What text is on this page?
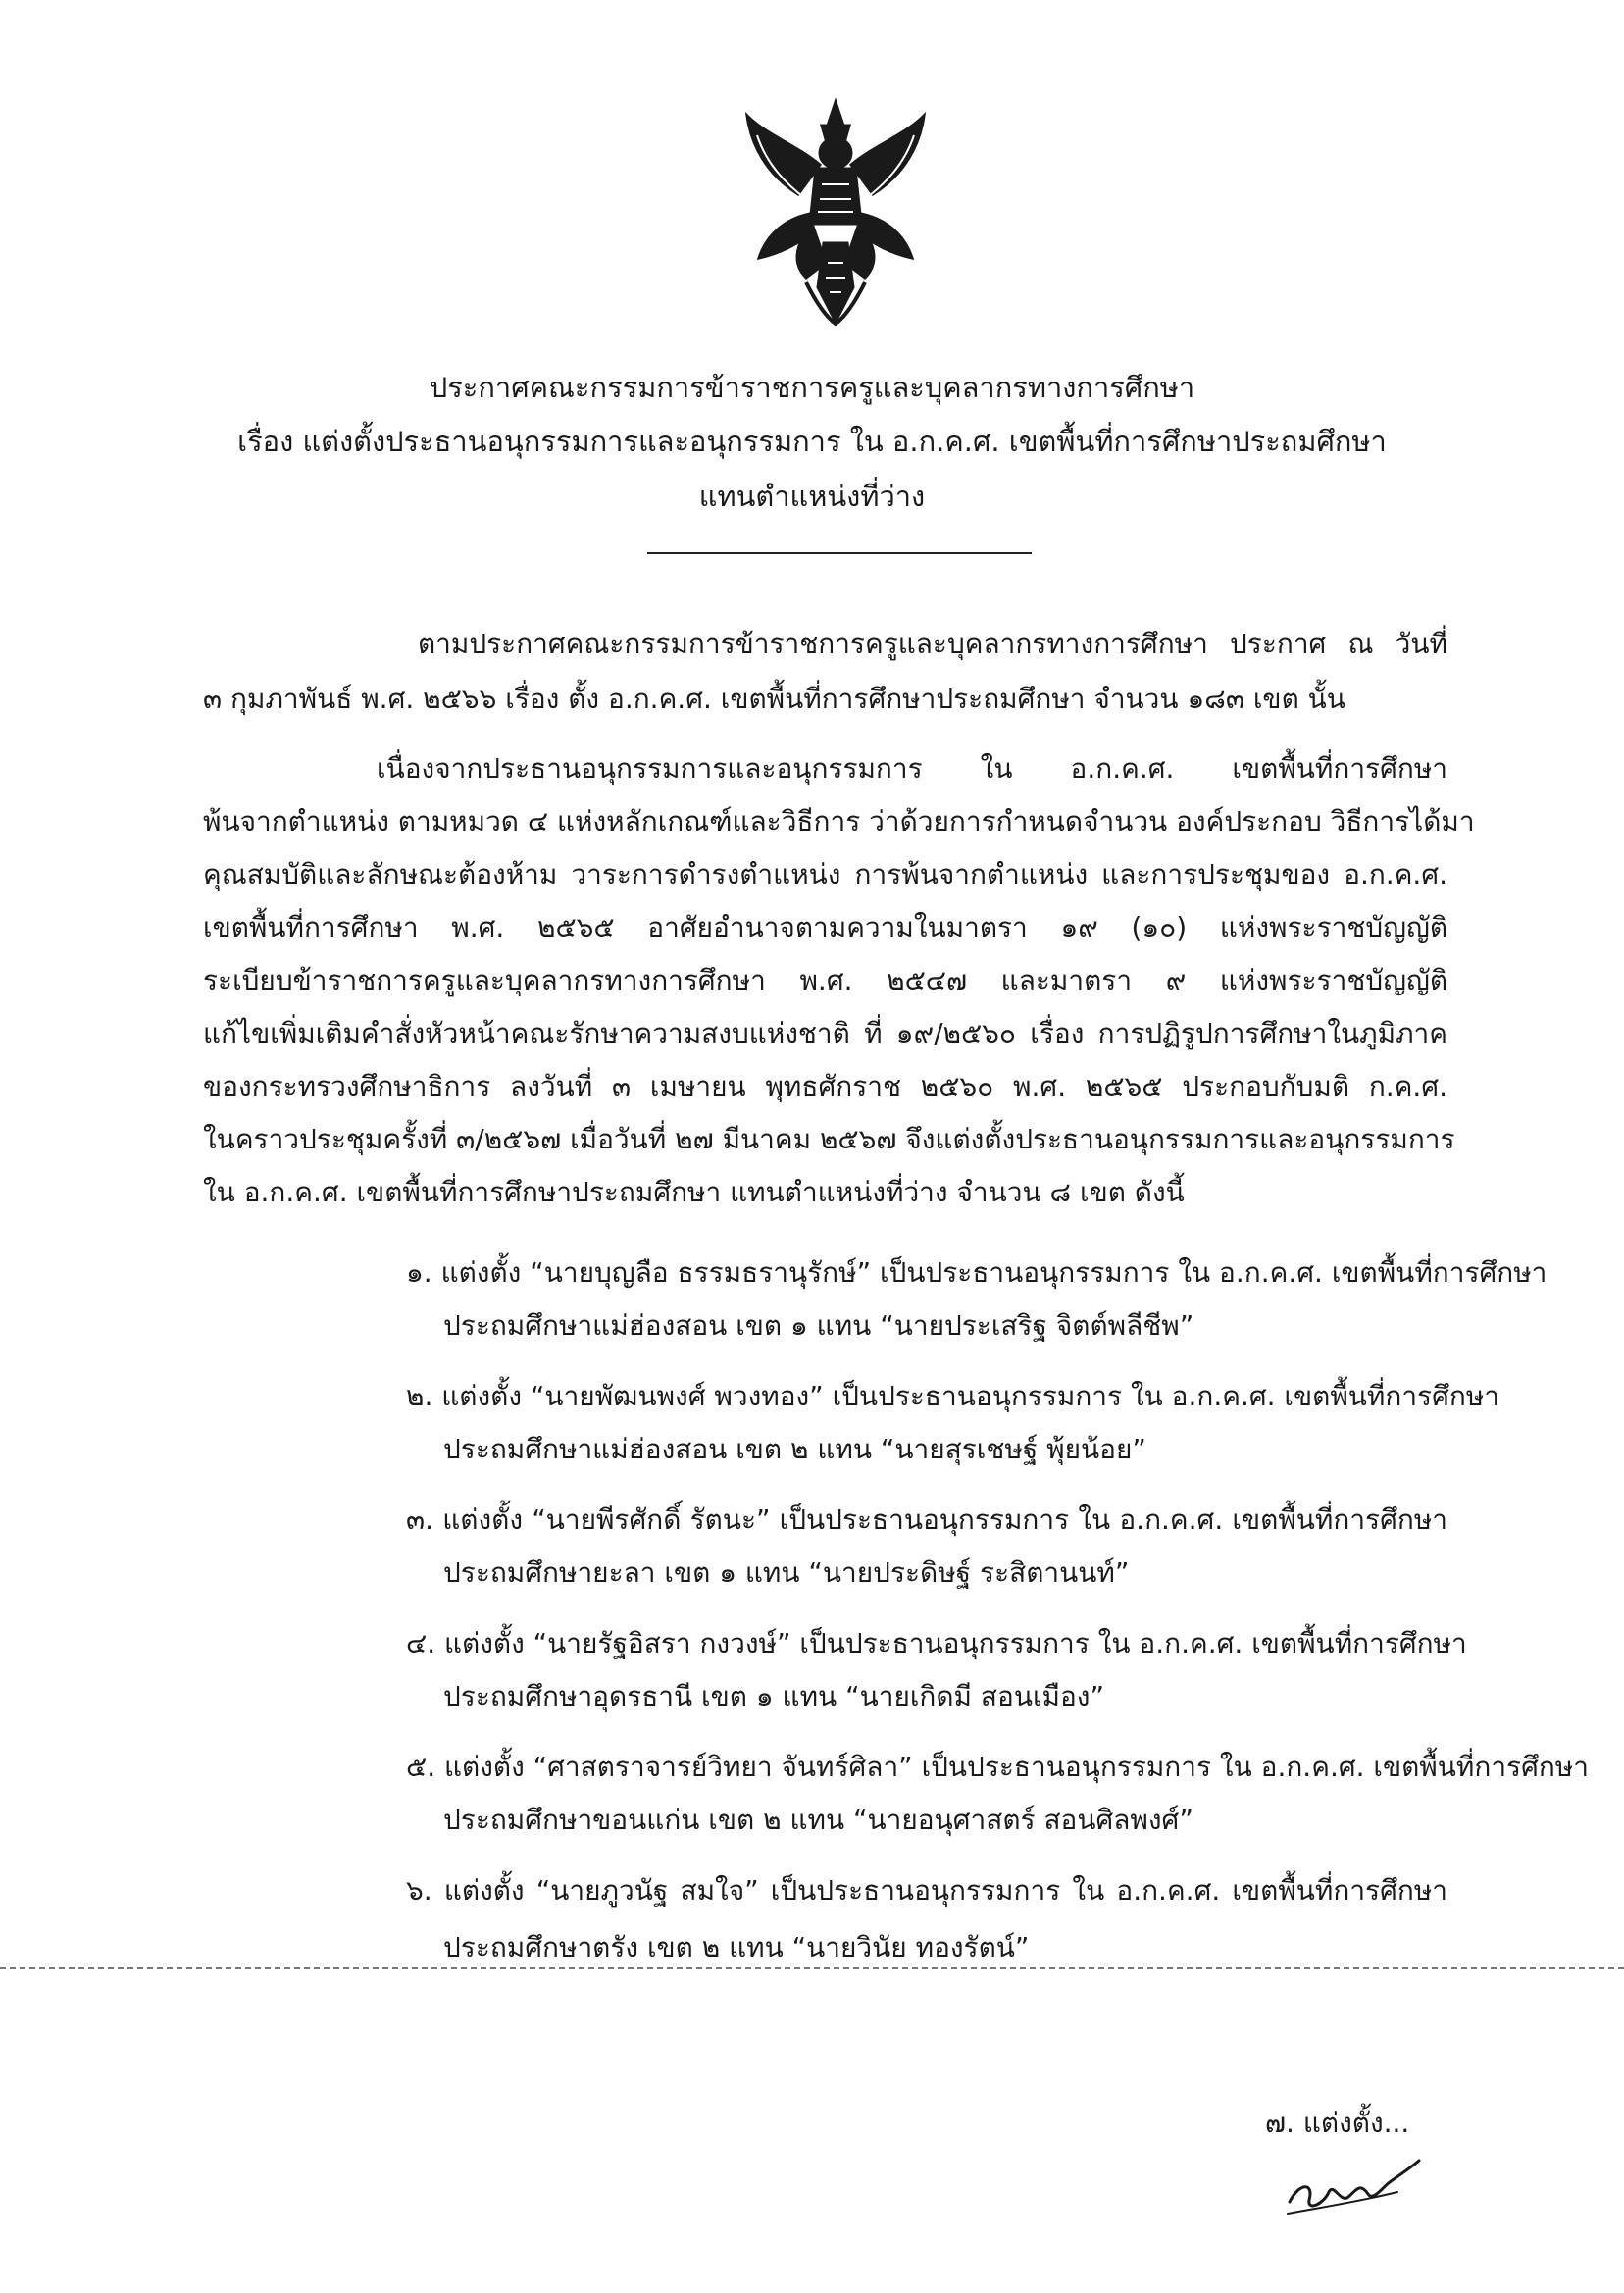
ประกาศคณะกรรมการข้าราชการครูและบุคลากรทางการศึกษา
เรื่อง แต่งตั้งประธานอนุกรรมการและอนุกรรมการ ใน อ.ก.ค.ศ. เขตพื้นที่การศึกษาประถมศึกษา
แทนตำแหน่งที่ว่าง
ตามประกาศคณะกรรมการข้าราชการครูและบุคลากรทางการศึกษา ประกาศ ณ วันที่
๓ กุมภาพันธ์ พ.ศ. ๒๕๖๖ เรื่อง ตั้ง อ.ก.ค.ศ. เขตพื้นที่การศึกษาประถมศึกษา จำนวน ๑๘๓ เขต นั้น
เนื่องจากประธานอนุกรรมการและอนุกรรมการ ใน อ.ก.ค.ศ. เขตพื้นที่การศึกษา
พ้นจากตำแหน่ง ตามหมวด ๔ แห่งหลักเกณฑ์และวิธีการ ว่าด้วยการกำหนดจำนวน องค์ประกอบ วิธีการได้มา
คุณสมบัติและลักษณะต้องห้าม วาระการดำรงตำแหน่ง การพ้นจากตำแหน่ง และการประชุมของ อ.ก.ค.ศ.
เขตพื้นที่การศึกษา พ.ศ. ๒๕๖๕ อาศัยอำนาจตามความในมาตรา ๑๙ (๑๐) แห่งพระราชบัญญัติ
ระเบียบข้าราชการครูและบุคลากรทางการศึกษา พ.ศ. ๒๕๔๗ และมาตรา ๙ แห่งพระราชบัญญัติ
แก้ไขเพิ่มเติมคำสั่งหัวหน้าคณะรักษาความสงบแห่งชาติ ที่ ๑๙/๒๕๖๐ เรื่อง การปฏิรูปการศึกษาในภูมิภาค
ของกระทรวงศึกษาธิการ ลงวันที่ ๓ เมษายน พุทธศักราช ๒๕๖๐ พ.ศ. ๒๕๖๕ ประกอบกับมติ ก.ค.ศ.
ในคราวประชุมครั้งที่ ๓/๒๕๖๗ เมื่อวันที่ ๒๗ มีนาคม ๒๕๖๗ จึงแต่งตั้งประธานอนุกรรมการและอนุกรรมการ
ใน อ.ก.ค.ศ. เขตพื้นที่การศึกษาประถมศึกษา แทนตำแหน่งที่ว่าง จำนวน ๘ เขต ดังนี้
๑. แต่งตั้ง “นายบุญลือ ธรรมธรานุรักษ์” เป็นประธานอนุกรรมการ ใน อ.ก.ค.ศ. เขตพื้นที่การศึกษา
ประถมศึกษาแม่ฮ่องสอน เขต ๑ แทน “นายประเสริฐ จิตต์พลีชีพ”
๒. แต่งตั้ง “นายพัฒนพงศ์ พวงทอง” เป็นประธานอนุกรรมการ ใน อ.ก.ค.ศ. เขตพื้นที่การศึกษา
ประถมศึกษาแม่ฮ่องสอน เขต ๒ แทน “นายสุรเชษฐ์ พุ้ยน้อย”
๓. แต่งตั้ง “นายพีรศักดิ์ รัตนะ” เป็นประธานอนุกรรมการ ใน อ.ก.ค.ศ. เขตพื้นที่การศึกษา
ประถมศึกษายะลา เขต ๑ แทน “นายประดิษฐ์ ระสิตานนท์”
๔. แต่งตั้ง “นายรัฐอิสรา กงวงษ์” เป็นประธานอนุกรรมการ ใน อ.ก.ค.ศ. เขตพื้นที่การศึกษา
ประถมศึกษาอุดรธานี เขต ๑ แทน “นายเกิดมี สอนเมือง”
๕. แต่งตั้ง “ศาสตราจารย์วิทยา จันทร์ศิลา” เป็นประธานอนุกรรมการ ใน อ.ก.ค.ศ. เขตพื้นที่การศึกษา
ประถมศึกษาขอนแก่น เขต ๒ แทน “นายอนุศาสตร์ สอนศิลพงศ์”
๖. แต่งตั้ง “นายภูวนัฐ สมใจ” เป็นประธานอนุกรรมการ ใน อ.ก.ค.ศ. เขตพื้นที่การศึกษา
ประถมศึกษาตรัง เขต ๒ แทน “นายวินัย ทองรัตน์”
๗. แต่งตั้ง...
